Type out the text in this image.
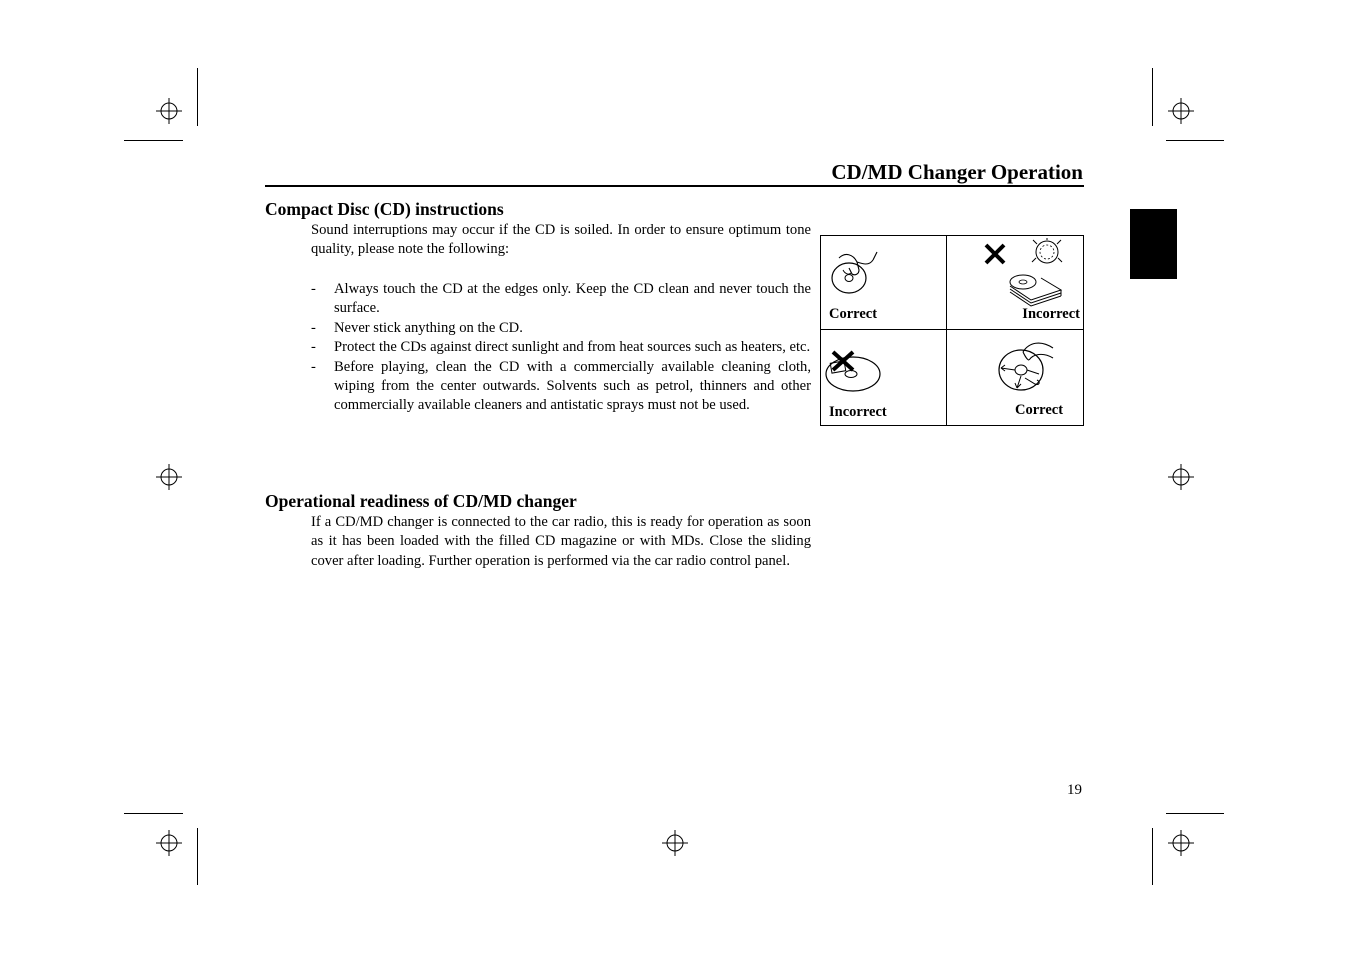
CD/MD Changer Operation
Compact Disc (CD) instructions

Sound interruptions may occur if the CD is soiled. In order to ensure optimum tone quality, please note the following:

- Always touch the CD at the edges only. Keep the CD clean and never touch the surface.
- Never stick anything on the CD.
- Protect the CDs against direct sunlight and from heat sources such as heaters, etc.
- Before playing, clean the CD with a commercially available cleaning cloth, wiping from the center outwards. Solvents such as petrol, thinners and other commercially available cleaners and antistatic sprays must not be used.
Operational readiness of CD/MD changer

If a CD/MD changer is connected to the car radio, this is ready for operation as soon as it has been loaded with the filled CD magazine or with MDs. Close the sliding cover after loading. Further operation is performed via the car radio control panel.

Correct	Incorrect
Incorrect	Correct
19
